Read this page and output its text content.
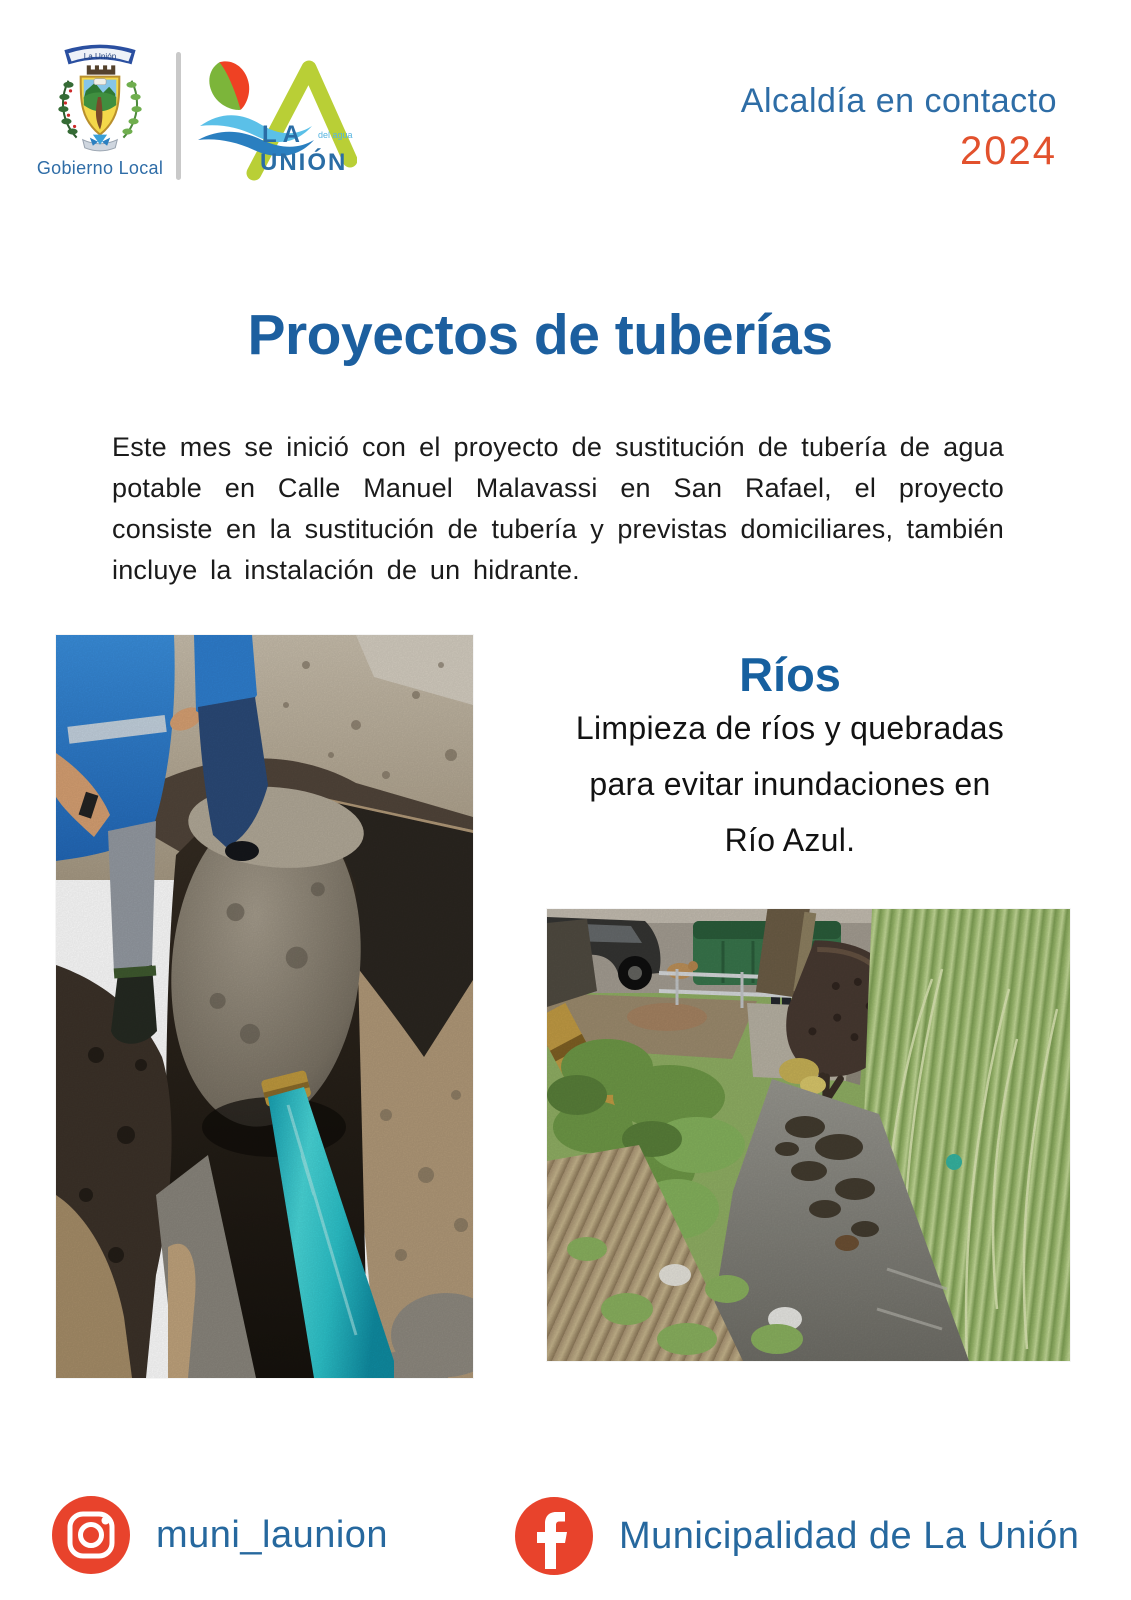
La Unión
Gobierno Local
LA
UNIÓN
del agua
Alcaldía en contacto
2024
Proyectos de tuberías

Este mes se inició con el proyecto de sustitución de tubería de agua potable en Calle Manuel Malavassi en San Rafael, el proyecto consiste en la sustitución de tubería y previstas domiciliares, también incluye la instalación de un hidrante.

Ríos
Limpieza de ríos y quebradas
para evitar inundaciones en
Río Azul.
muni_launion	Municipalidad de La Unión
